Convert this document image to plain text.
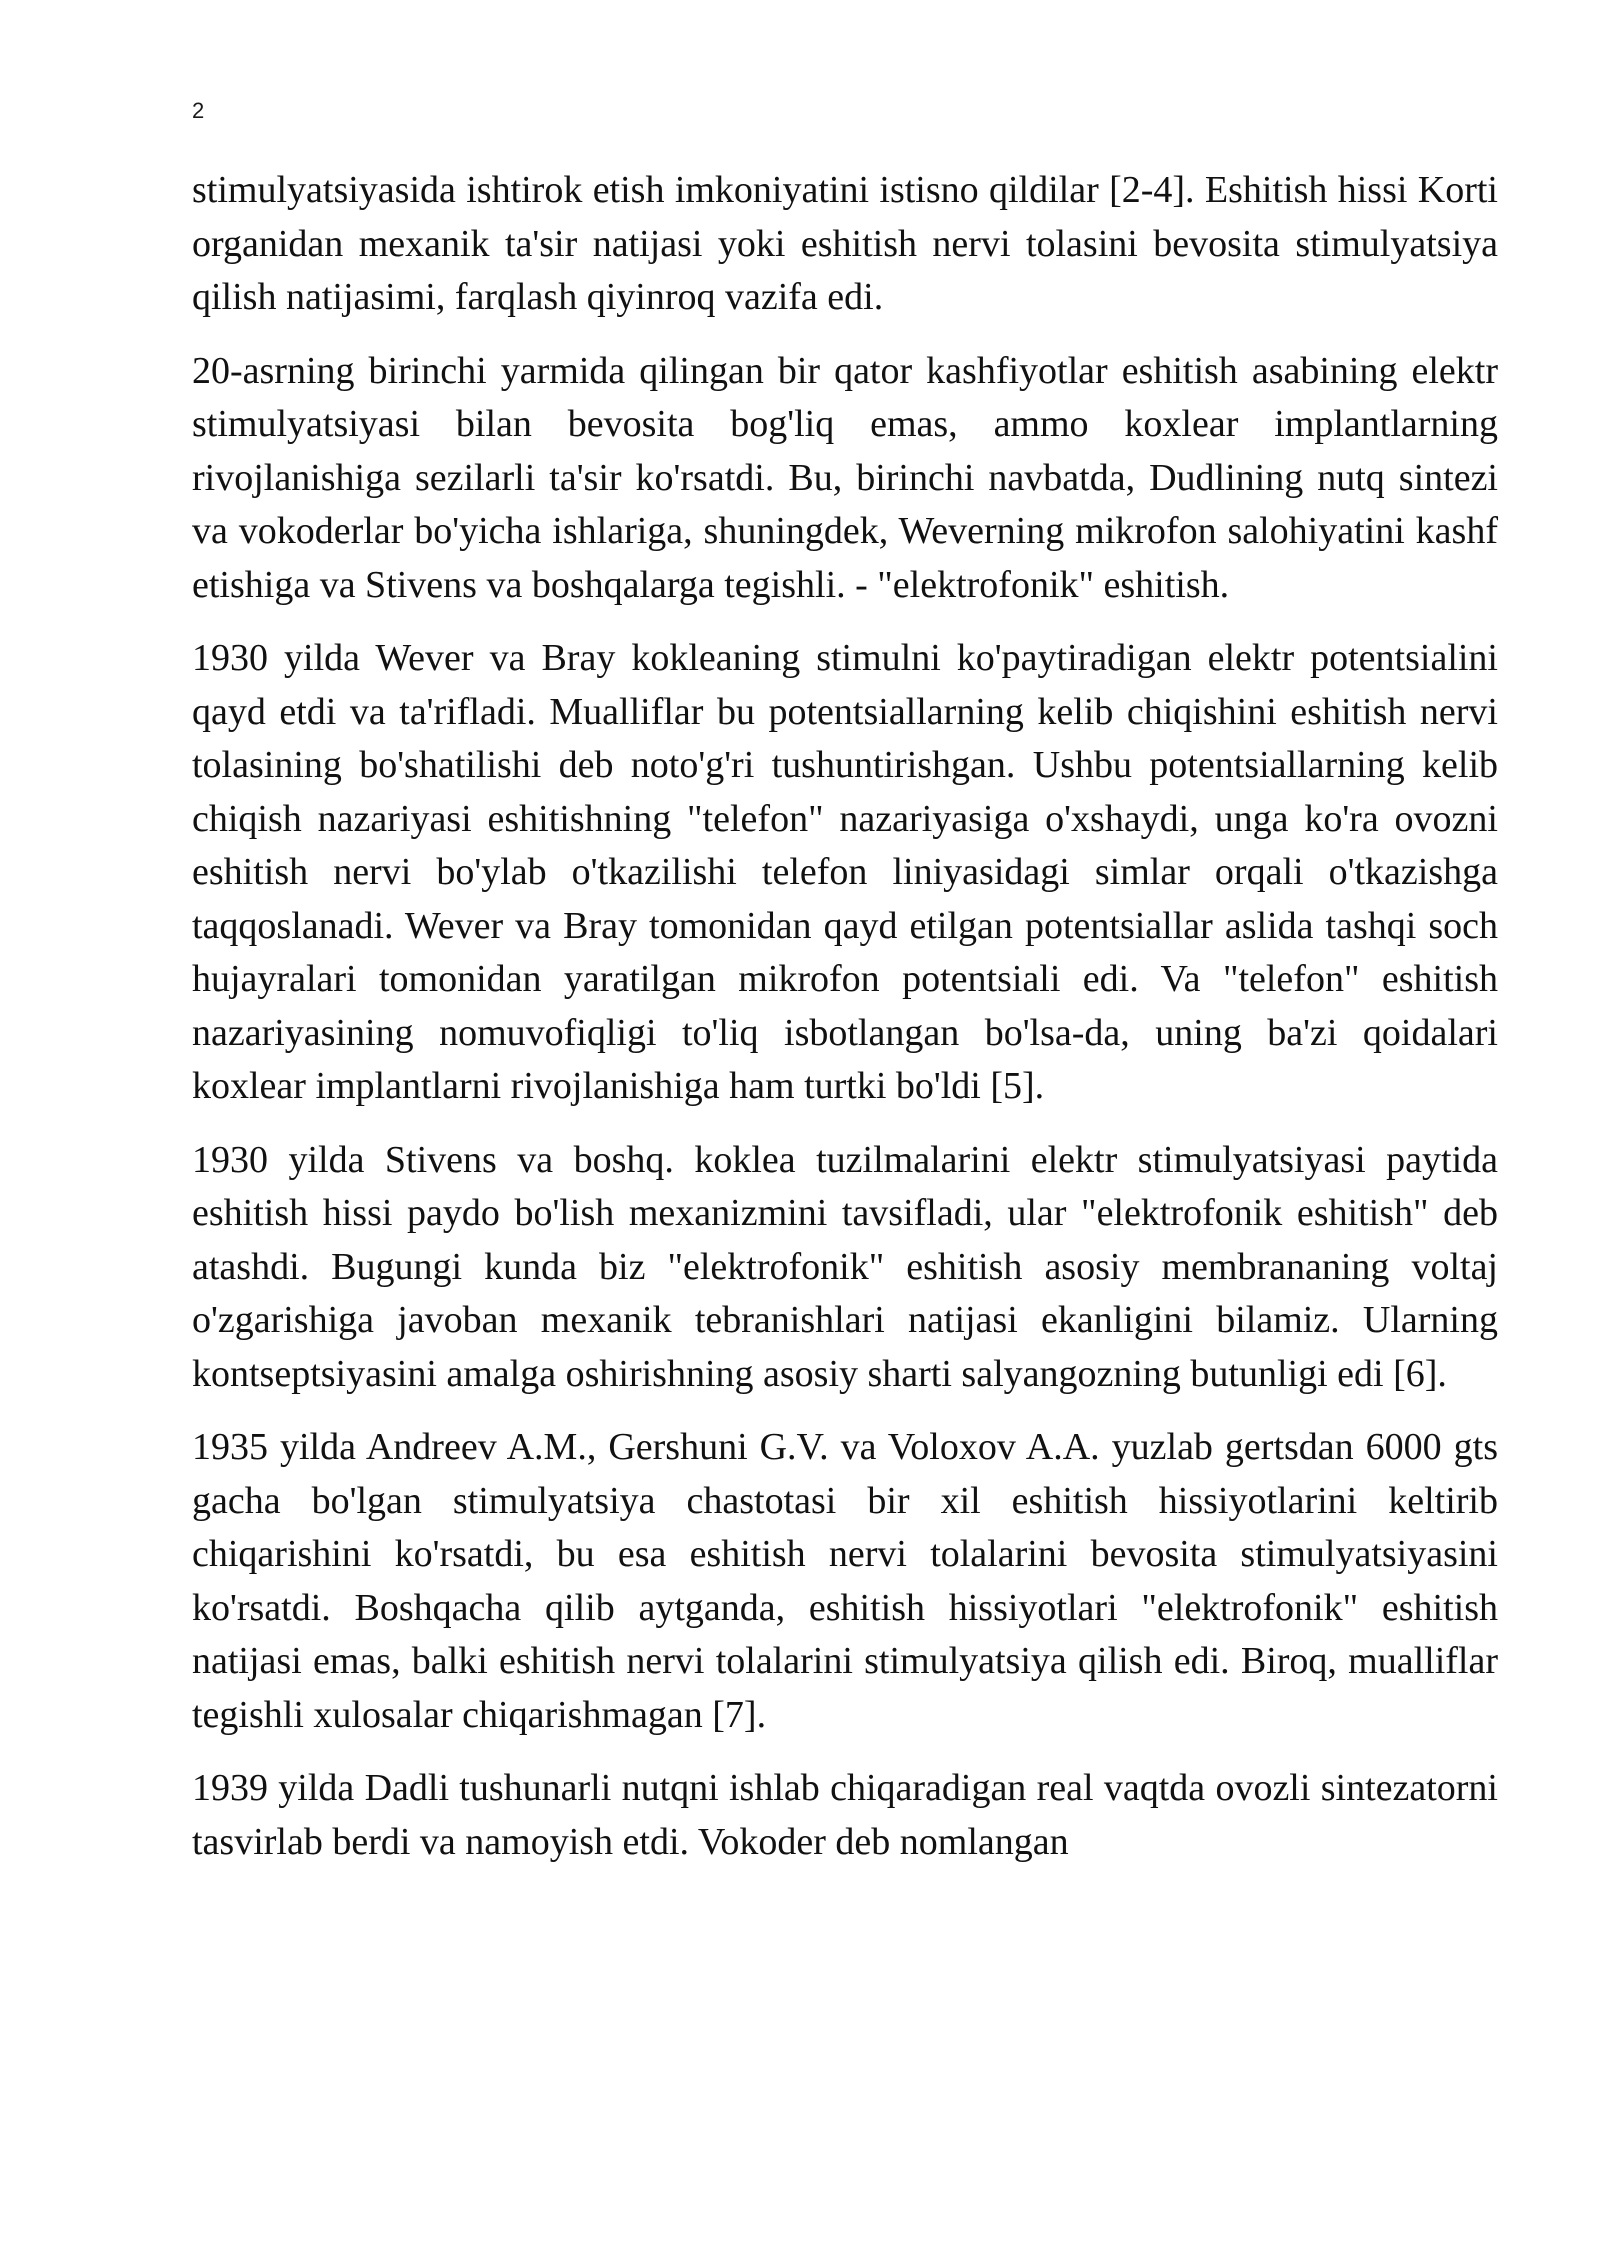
2

stimulyatsiyasida ishtirok etish imkoniyatini istisno qildilar [2-4]. Eshitish hissi Korti organidan mexanik ta'sir natijasi yoki eshitish nervi tolasini bevosita stimulyatsiya qilish natijasimi, farqlash qiyinroq vazifa edi.

20-asrning birinchi yarmida qilingan bir qator kashfiyotlar eshitish asabining elektr stimulyatsiyasi bilan bevosita bog'liq emas, ammo koxlear implantlarning rivojlanishiga sezilarli ta'sir ko'rsatdi. Bu, birinchi navbatda, Dudlining nutq sintezi va vokoderlar bo'yicha ishlariga, shuningdek, Weverning mikrofon salohiyatini kashf etishiga va Stivens va boshqalarga tegishli. - "elektrofonik" eshitish.

1930 yilda Wever va Bray kokleaning stimulni ko'paytiradigan elektr potentsialini qayd etdi va ta'rifladi. Mualliflar bu potentsiallarning kelib chiqishini eshitish nervi tolasining bo'shatilishi deb noto'g'ri tushuntirishgan. Ushbu potentsiallarning kelib chiqish nazariyasi eshitishning "telefon" nazariyasiga o'xshaydi, unga ko'ra ovozni eshitish nervi bo'ylab o'tkazilishi telefon liniyasidagi simlar orqali o'tkazishga taqqoslanadi. Wever va Bray tomonidan qayd etilgan potentsiallar aslida tashqi soch hujayralari tomonidan yaratilgan mikrofon potentsiali edi. Va "telefon" eshitish nazariyasining nomuvofiqligi to'liq isbotlangan bo'lsa-da, uning ba'zi qoidalari koxlear implantlarni rivojlanishiga ham turtki bo'ldi [5].

1930 yilda Stivens va boshq. koklea tuzilmalarini elektr stimulyatsiyasi paytida eshitish hissi paydo bo'lish mexanizmini tavsifladi, ular "elektrofonik eshitish" deb atashdi. Bugungi kunda biz "elektrofonik" eshitish asosiy membrananing voltaj o'zgarishiga javoban mexanik tebranishlari natijasi ekanligini bilamiz. Ularning kontseptsiyasini amalga oshirishning asosiy sharti salyangozning butunligi edi [6].

1935 yilda Andreev A.M., Gershuni G.V. va Voloxov A.A. yuzlab gertsdan 6000 gts gacha bo'lgan stimulyatsiya chastotasi bir xil eshitish hissiyotlarini keltirib chiqarishini ko'rsatdi, bu esa eshitish nervi tolalarini bevosita stimulyatsiyasini ko'rsatdi. Boshqacha qilib aytganda, eshitish hissiyotlari "elektrofonik" eshitish natijasi emas, balki eshitish nervi tolalarini stimulyatsiya qilish edi. Biroq, mualliflar tegishli xulosalar chiqarishmagan [7].

1939 yilda Dadli tushunarli nutqni ishlab chiqaradigan real vaqtda ovozli sintezatorni tasvirlab berdi va namoyish etdi. Vokoder deb nomlangan
